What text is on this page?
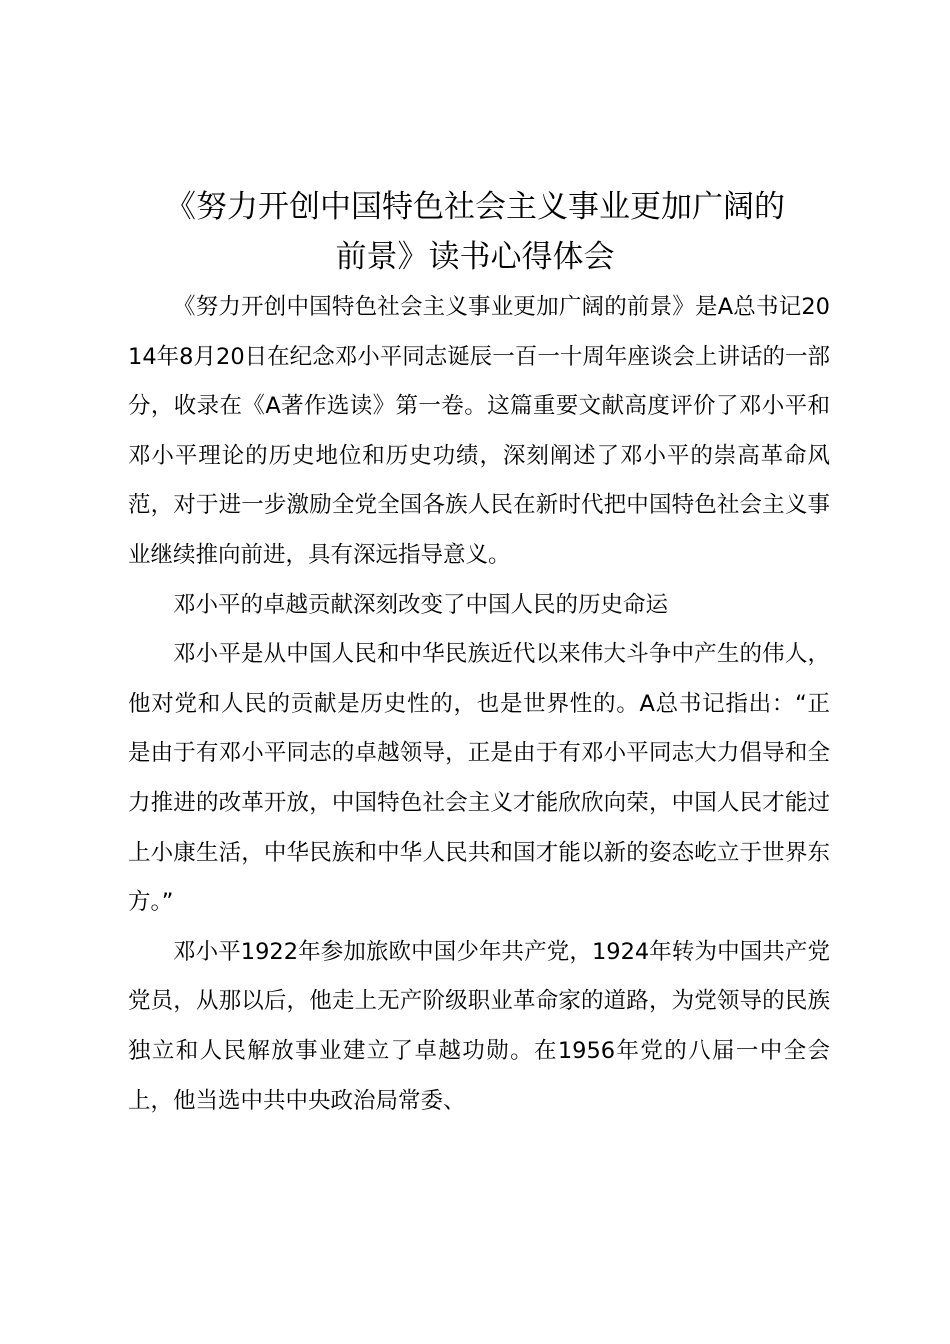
《努力开创中国特色社会主义事业更加广阔的
前景》读书心得体会

《努力开创中国特色社会主义事业更加广阔的前景》是A总书记2014年8月20日在纪念邓小平同志诞辰一百一十周年座谈会上讲话的一部分，收录在《A著作选读》第一卷。这篇重要文献高度评价了邓小平和邓小平理论的历史地位和历史功绩，深刻阐述了邓小平的崇高革命风范，对于进一步激励全党全国各族人民在新时代把中国特色社会主义事业继续推向前进，具有深远指导意义。

邓小平的卓越贡献深刻改变了中国人民的历史命运

邓小平是从中国人民和中华民族近代以来伟大斗争中产生的伟人，他对党和人民的贡献是历史性的，也是世界性的。A总书记指出：“正是由于有邓小平同志的卓越领导，正是由于有邓小平同志大力倡导和全力推进的改革开放，中国特色社会主义才能欣欣向荣，中国人民才能过上小康生活，中华民族和中华人民共和国才能以新的姿态屹立于世界东方。”

邓小平1922年参加旅欧中国少年共产党，1924年转为中国共产党党员，从那以后，他走上无产阶级职业革命家的道路，为党领导的民族独立和人民解放事业建立了卓越功勋。在1956年党的八届一中全会上，他当选中共中央政治局常委、
